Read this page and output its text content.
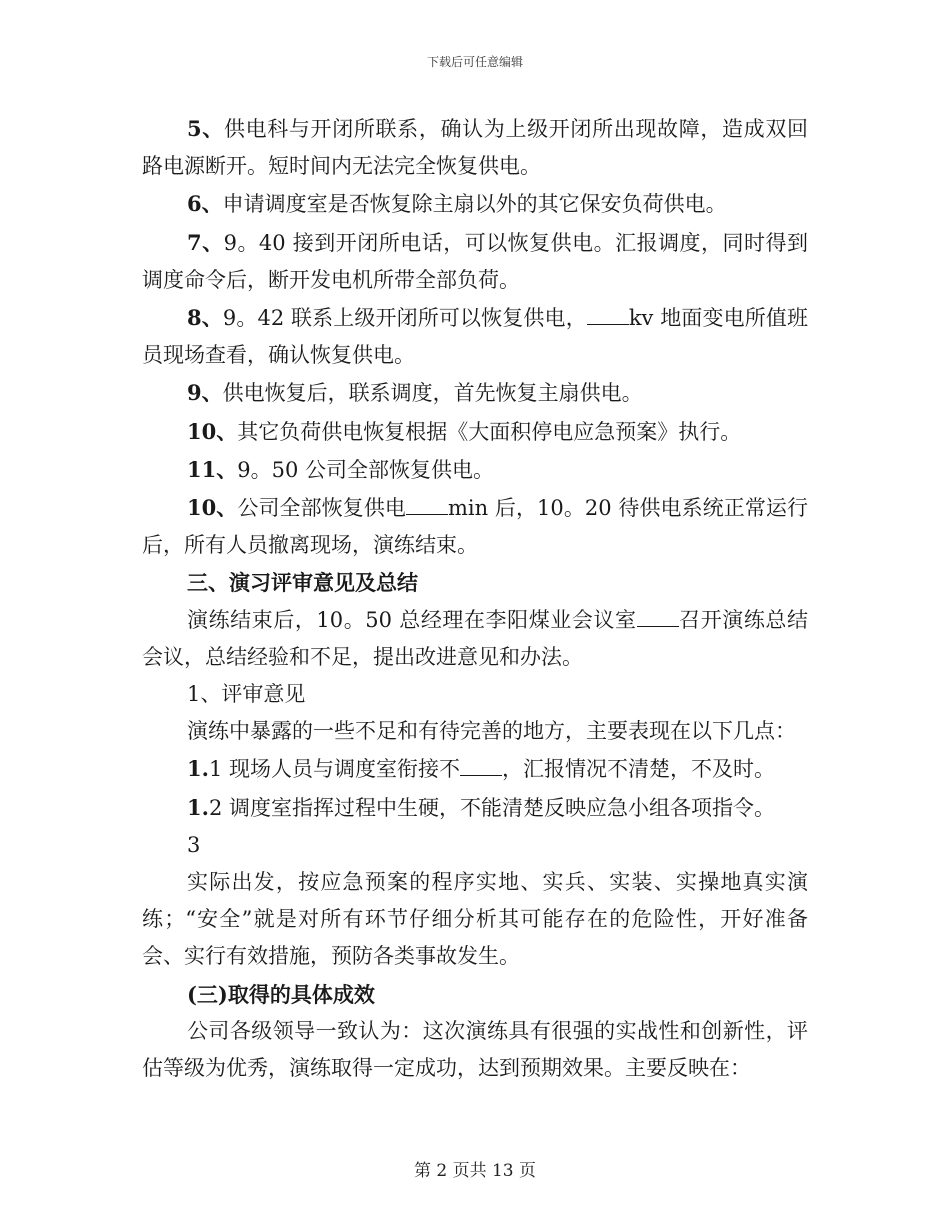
下载后可任意编辑

5、供电科与开闭所联系，确认为上级开闭所出现故障，造成双回路电源断开。短时间内无法完全恢复供电。

6、申请调度室是否恢复除主扇以外的其它保安负荷供电。

7、9。40 接到开闭所电话，可以恢复供电。汇报调度，同时得到调度命令后，断开发电机所带全部负荷。

8、9。42 联系上级开闭所可以恢复供电， kv 地面变电所值班员现场查看，确认恢复供电。

9、供电恢复后，联系调度，首先恢复主扇供电。

10、其它负荷供电恢复根据《大面积停电应急预案》执行。

11、9。50 公司全部恢复供电。

10、公司全部恢复供电 min 后，10。20 待供电系统正常运行后，所有人员撤离现场，演练结束。

三、演习评审意见及总结

演练结束后，10。50 总经理在李阳煤业会议室 召开演练总结会议，总结经验和不足，提出改进意见和办法。

1、评审意见

演练中暴露的一些不足和有待完善的地方，主要表现在以下几点：

1.1 现场人员与调度室衔接不 ，汇报情况不清楚，不及时。

1.2 调度室指挥过程中生硬，不能清楚反映应急小组各项指令。

3

实际出发，按应急预案的程序实地、实兵、实装、实操地真实演练；“安全”就是对所有环节仔细分析其可能存在的危险性，开好准备会、实行有效措施，预防各类事故发生。

(三)取得的具体成效

公司各级领导一致认为：这次演练具有很强的实战性和创新性，评估等级为优秀，演练取得一定成功，达到预期效果。主要反映在：

第 2 页共 13 页
